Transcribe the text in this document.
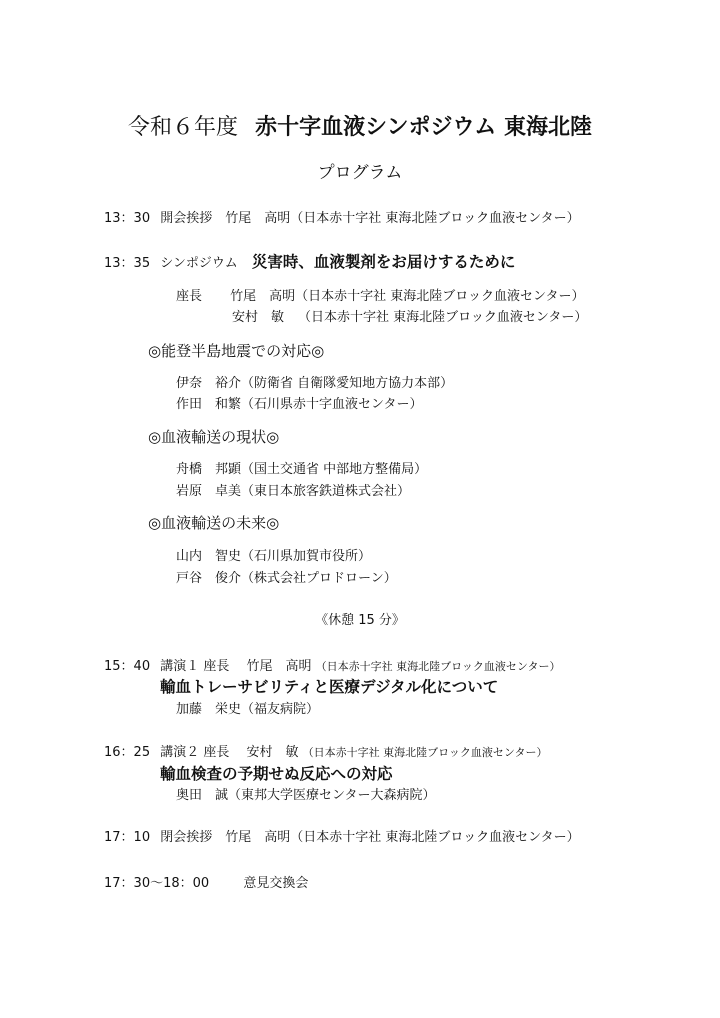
令和６年度 赤十字血液シンポジウム 東海北陸
プログラム
13：30 開会挨拶　竹尾　高明（日本赤十字社 東海北陸ブロック血液センター）
13：35 シンポジウム 災害時、血液製剤をお届けするために
座長 竹尾　高明（日本赤十字社 東海北陸ブロック血液センター）
安村　敏 （日本赤十字社 東海北陸ブロック血液センター）
◎能登半島地震での対応◎
伊奈　裕介（防衛省 自衛隊愛知地方協力本部）
作田　和繁（石川県赤十字血液センター）
◎血液輸送の現状◎
舟橋　邦顕（国土交通省 中部地方整備局）
岩原　卓美（東日本旅客鉄道株式会社）
◎血液輸送の未来◎
山内　智史（石川県加賀市役所）
戸谷　俊介（株式会社プロドローン）
《休憩 15 分》
15：40 講演１ 座長　 竹尾　高明 （日本赤十字社 東海北陸ブロック血液センター）
輸血トレーサビリティと医療デジタル化について
加藤　栄史（福友病院）
16：25 講演２ 座長　 安村　敏 （日本赤十字社 東海北陸ブロック血液センター）
輸血検査の予期せぬ反応への対応
奥田　誠（東邦大学医療センター大森病院）
17：10 閉会挨拶　竹尾　高明（日本赤十字社 東海北陸ブロック血液センター）
17：30〜18：00	意見交換会
